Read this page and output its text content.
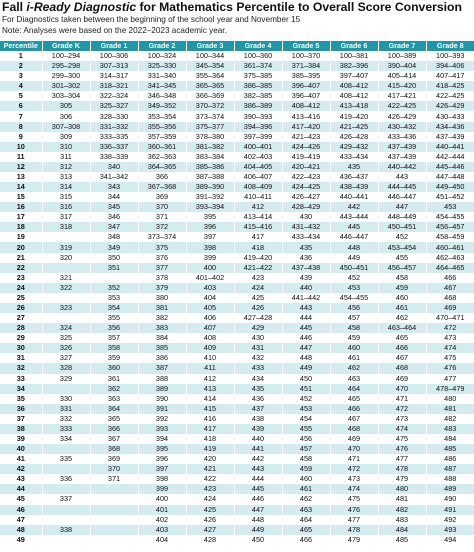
Fall i-Ready Diagnostic for Mathematics Percentile to Overall Score Conversion
For Diagnostics taken between the beginning of the school year and November 15
Note: Analyses were based on the 2022–2023 academic year.
Percentile	Grade K	Grade 1	Grade 2	Grade 3	Grade 4	Grade 5	Grade 6	Grade 7	Grade 8
1	100–294	100–306	100–324	100–344	100–360	100–370	100–381	100–389	100–393
2	295–298	307–313	325–330	345–354	361–374	371–384	382–396	390–404	394–406
3	299–300	314–317	331–340	355–364	375–385	385–395	397–407	405–414	407–417
4	301–302	318–321	341–345	365–365	386–385	396–407	408–412	415–420	418–425
5	303–304	322–324	346–348	366–369	382–385	396–407	408–412	417–421	422–425
6	305	325–327	349–352	370–372	386–389	408–412	413–418	422–425	426–429
7	306	328–330	353–354	373–374	390–393	413–416	419–420	426–429	430–433
8	307–308	331–332	355–356	375–377	394–396	417–420	421–425	430–432	434–436
9	309	333–335	357–359	378–380	397–399	421–423	426–428	433–436	437–439
10	310	336–337	360–361	381–382	400–401	424–426	429–432	437–439	440–441
11	311	338–339	362–363	383–384	402–403	419–419	433–434	437–439	442–444
12	312	340	364–365	385–386	404–405	420–421	435	440–442	445–446
13	313	341–342	366	387–388	406–407	422–423	436–437	443	447–448
14	314	343	367–368	389–390	408–409	424–425	438–439	444–445	449–450
15	315	344	369	391–392	410–411	426–427	440–441	446–447	451–452
16	316	345	370	393–394	412	428–429	442	447	453
17	317	346	371	395	413–414	430	443–444	448–449	454–455
18	318	347	372	396	415–416	431–432	445	450–451	456–457
19		348	373–374	397	417	433–434	446–447	452	458–459
20	319	349	375	398	418	435	448	453–454	460–461
21	320	350	376	399	419–420	436	449	455	462–463
22		351	377	400	421–422	437–438	450–451	456–457	464–465
23	321		378	401–402	423	439	452	458	466
24	322	352	379	403	424	440	453	459	467
25		353	380	404	425	441–442	454–455	460	468
26	323	354	381	405	426	443	456	461	469
27		355	382	406	427–428	444	457	462	470–471
28	324	356	383	407	429	445	458	463–464	472
29	325	357	384	408	430	446	459	465	473
30	326	358	385	409	431	447	460	466	474
31	327	359	386	410	432	448	461	467	475
32	328	360	387	411	433	449	462	468	476
33	329	361	388	412	434	450	463	469	477
34		362	389	413	435	451	464	470	478–479
35	330	363	390	414	436	452	465	471	480
36	331	364	391	415	437	453	466	472	481
37	332	365	392	416	438	454	467	473	482
38	333	366	393	417	439	455	468	474	483
39	334	367	394	418	440	456	469	475	484
40		368	395	419	441	457	470	476	485
41	335	369	396	420	442	458	471	477	486
42		370	397	421	443	459	472	478	487
43	336	371	398	422	444	460	473	479	488
44			399	423	445	461	474	480	489
45	337		400	424	446	462	475	481	490
46			401	425	447	463	476	482	491
47			402	426	448	464	477	483	492
48	338		403	427	449	465	478	484	493
49			404	428	450	466	479	485	494
